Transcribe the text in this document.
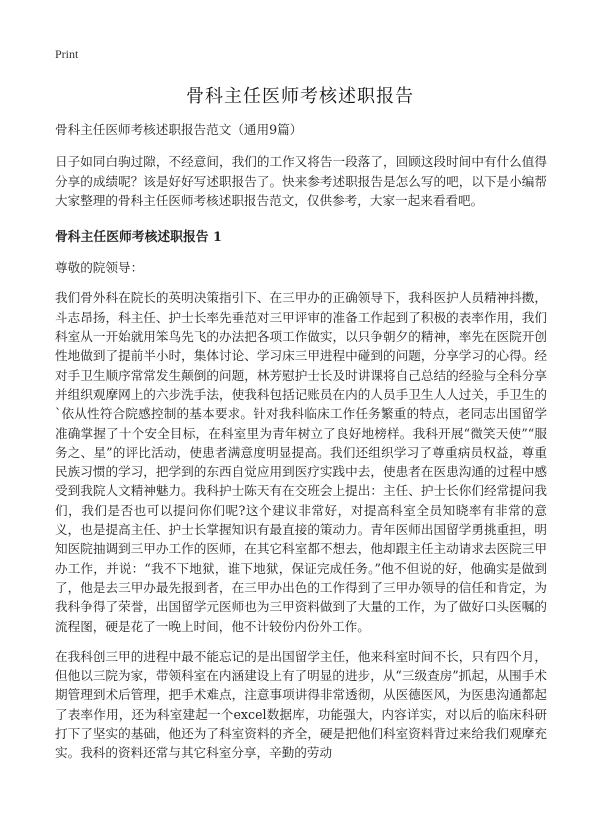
Print
骨科主任医师考核述职报告

骨科主任医师考核述职报告范文（通用9篇）

日子如同白驹过隙，不经意间，我们的工作又将告一段落了，回顾这段时间中有什么值得分享的成绩呢？该是好好写述职报告了。快来参考述职报告是怎么写的吧，以下是小编帮大家整理的骨科主任医师考核述职报告范文，仅供参考，大家一起来看看吧。

骨科主任医师考核述职报告 1

尊敬的院领导：

我们骨外科在院长的英明决策指引下、在三甲办的正确领导下，我科医护人员精神抖擞，斗志昂扬，科主任、护士长率先垂范对三甲评审的准备工作起到了积极的表率作用，我们科室从一开始就用笨鸟先飞的办法把各项工作做实，以只争朝夕的精神，率先在医院开创性地做到了提前半小时，集体讨论、学习床三甲进程中碰到的问题，分享学习的心得。经对手卫生顺序常常发生颠倒的问题，林芳慰护士长及时讲课将自己总结的经验与全科分享并组织观摩网上的六步洗手法，使我科包括记账员在内的人员手卫生人人过关，手卫生的`依从性符合院感控制的基本要求。针对我科临床工作任务繁重的特点，老同志出国留学准确掌握了十个安全目标，在科室里为青年树立了良好地榜样。我科开展“微笑天使”“服务之、星”的评比活动，使患者满意度明显提高。我们还组织学习了尊重病员权益，尊重民族习惯的学习，把学到的东西自觉应用到医疗实践中去，使患者在医患沟通的过程中感受到我院人文精神魅力。我科护士陈天有在交班会上提出：主任、护士长你们经常提问我们，我们是否也可以提问你们呢?这个建议非常好，对提高科室全员知晓率有非常的意义，也是提高主任、护士长掌握知识有最直接的策动力。青年医师出国留学勇挑重担，明知医院抽调到三甲办工作的医师，在其它科室都不想去，他却跟主任主动请求去医院三甲办工作，并说：“我不下地狱，谁下地狱，保证完成任务。”他不但说的好，他确实是做到了，他是去三甲办最先报到者，在三甲办出色的工作得到了三甲办领导的信任和肯定，为我科争得了荣誉，出国留学元医师也为三甲资料做到了大量的工作，为了做好口头医嘱的流程图，硬是花了一晚上时间，他不计较份内份外工作。

在我科创三甲的进程中最不能忘记的是出国留学主任，他来科室时间不长，只有四个月，但他以三院为家，带领科室在内涵建设上有了明显的进步，从“三级查房”抓起，从围手术期管理到术后管理，把手术难点，注意事项讲得非常透彻，从医德医风，为医患沟通都起了表率作用，还为科室建起一个excel数据库，功能强大，内容详实，对以后的临床科研打下了坚实的基础，他还为了科室资料的齐全，硬是把他们科室资料背过来给我们观摩充实。我科的资料还常与其它科室分享，辛勤的劳动
